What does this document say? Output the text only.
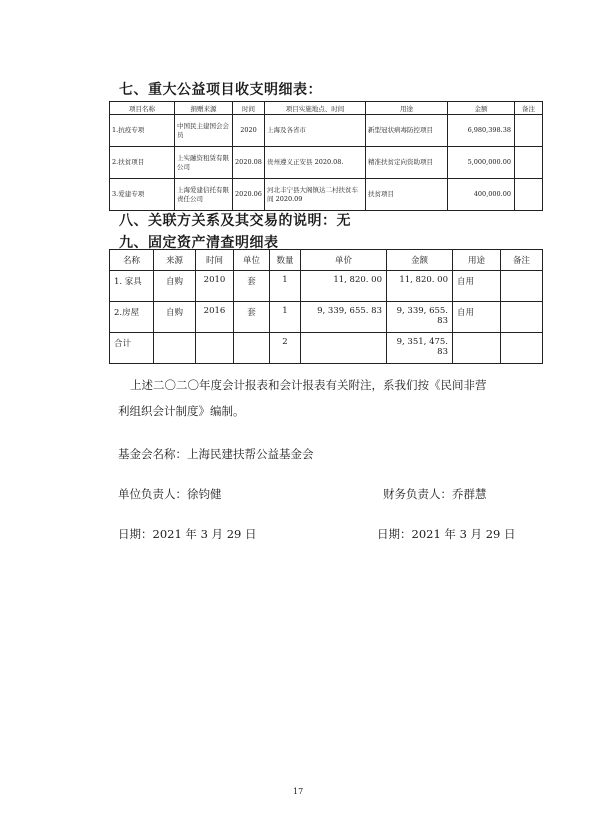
七、重大公益项目收支明细表：
项目名称	捐赠来源	时间	项目实施地点、时间	用途	金额	备注
1.抗疫专项	中国民主建国会会员	2020	上海及各省市	新型冠状病毒防控项目	6,980,398.38	
2.扶贫项目	上实融资租赁有限公司	2020.08	贵州遵义正安县 2020.08.	精准扶贫定向资助项目	5,000,000.00	
3.爱建专项	上海爱建信托有限责任公司	2020.06	河北丰宁县大阁镇达二村扶贫车间 2020.09	扶贫项目	400,000.00	
八、关联方关系及其交易的说明：无
九、固定资产清查明细表
名称	来源	时间	单位	数量	单价	金额	用途	备注
1. 家具	自购	2010	套	1	11, 820. 00	11, 820. 00	自用	
2.房屋	自购	2016	套	1	9, 339, 655. 83	9, 339, 655. 83	自用	
合计				2		9, 351, 475. 83		
上述二〇二〇年度会计报表和会计报表有关附注，系我们按《民间非营
利组织会计制度》编制。
基金会名称：上海民建扶帮公益基金会
单位负责人：徐钧健	财务负责人：乔群慧
日期：2021 年 3 月 29 日	日期：2021 年 3 月 29 日
17
